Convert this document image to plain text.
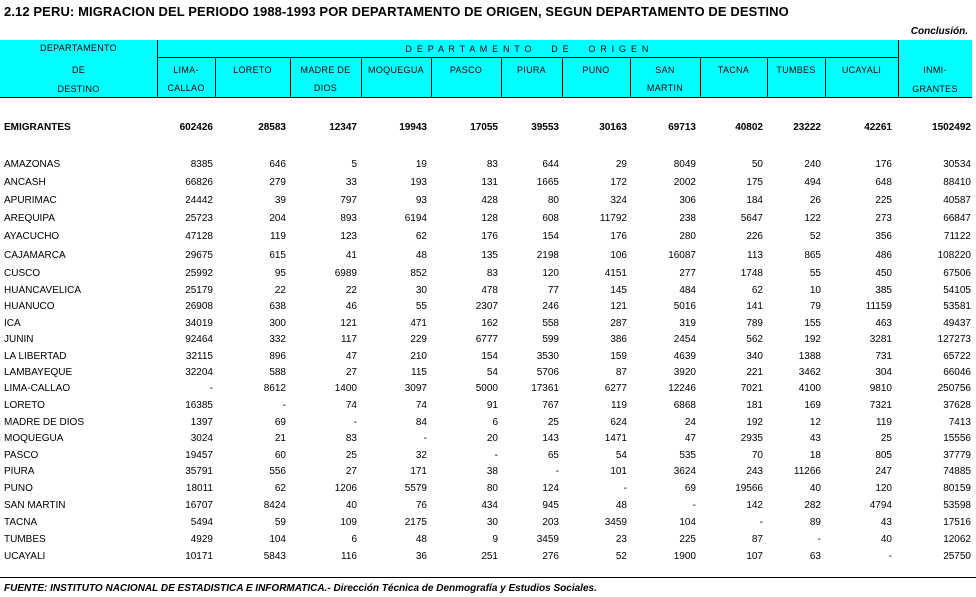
2.12 PERU: MIGRACION DEL PERIODO 1988-1993 POR DEPARTAMENTO DE ORIGEN, SEGUN DEPARTAMENTO DE DESTINO
Conclusión.
DEPARTAMENTO
DE
DESTINO
D E P A R T A M E N T O     D E     O R I G E N
LIMA-
CALLAO
LORETO	MADRE DE
DIOS
MOQUEGUA	PASCO	PIURA	PUNO	SAN
MARTIN
TACNA	TUMBES	UCAYALI	INMI-
GRANTES
EMIGRANTES	602426	28583	12347	19943	17055	39553	30163	69713	40802	23222	42261	1502492
AMAZONAS	8385	646	5	19	83	644	29	8049	50	240	176	30534
ANCASH	66826	279	33	193	131	1665	172	2002	175	494	648	88410
APURIMAC	24442	39	797	93	428	80	324	306	184	26	225	40587
AREQUIPA	25723	204	893	6194	128	608	11792	238	5647	122	273	66847
AYACUCHO	47128	119	123	62	176	154	176	280	226	52	356	71122
CAJAMARCA	29675	615	41	48	135	2198	106	16087	113	865	486	108220
CUSCO	25992	95	6989	852	83	120	4151	277	1748	55	450	67506
HUANCAVELICA	25179	22	22	30	478	77	145	484	62	10	385	54105
HUANUCO	26908	638	46	55	2307	246	121	5016	141	79	11159	53581
ICA	34019	300	121	471	162	558	287	319	789	155	463	49437
JUNIN	92464	332	117	229	6777	599	386	2454	562	192	3281	127273
LA LIBERTAD	32115	896	47	210	154	3530	159	4639	340	1388	731	65722
LAMBAYEQUE	32204	588	27	115	54	5706	87	3920	221	3462	304	66046
LIMA-CALLAO	-	8612	1400	3097	5000	17361	6277	12246	7021	4100	9810	250756
LORETO	16385	-	74	74	91	767	119	6868	181	169	7321	37628
MADRE DE DIOS	1397	69	-	84	6	25	624	24	192	12	119	7413
MOQUEGUA	3024	21	83	-	20	143	1471	47	2935	43	25	15556
PASCO	19457	60	25	32	-	65	54	535	70	18	805	37779
PIURA	35791	556	27	171	38	-	101	3624	243	11266	247	74885
PUNO	18011	62	1206	5579	80	124	-	69	19566	40	120	80159
SAN MARTIN	16707	8424	40	76	434	945	48	-	142	282	4794	53598
TACNA	5494	59	109	2175	30	203	3459	104	-	89	43	17516
TUMBES	4929	104	6	48	9	3459	23	225	87	-	40	12062
UCAYALI	10171	5843	116	36	251	276	52	1900	107	63	-	25750
FUENTE: INSTITUTO NACIONAL DE ESTADISTICA E INFORMATICA.- Dirección Técnica de Denmografía y Estudios Sociales.
